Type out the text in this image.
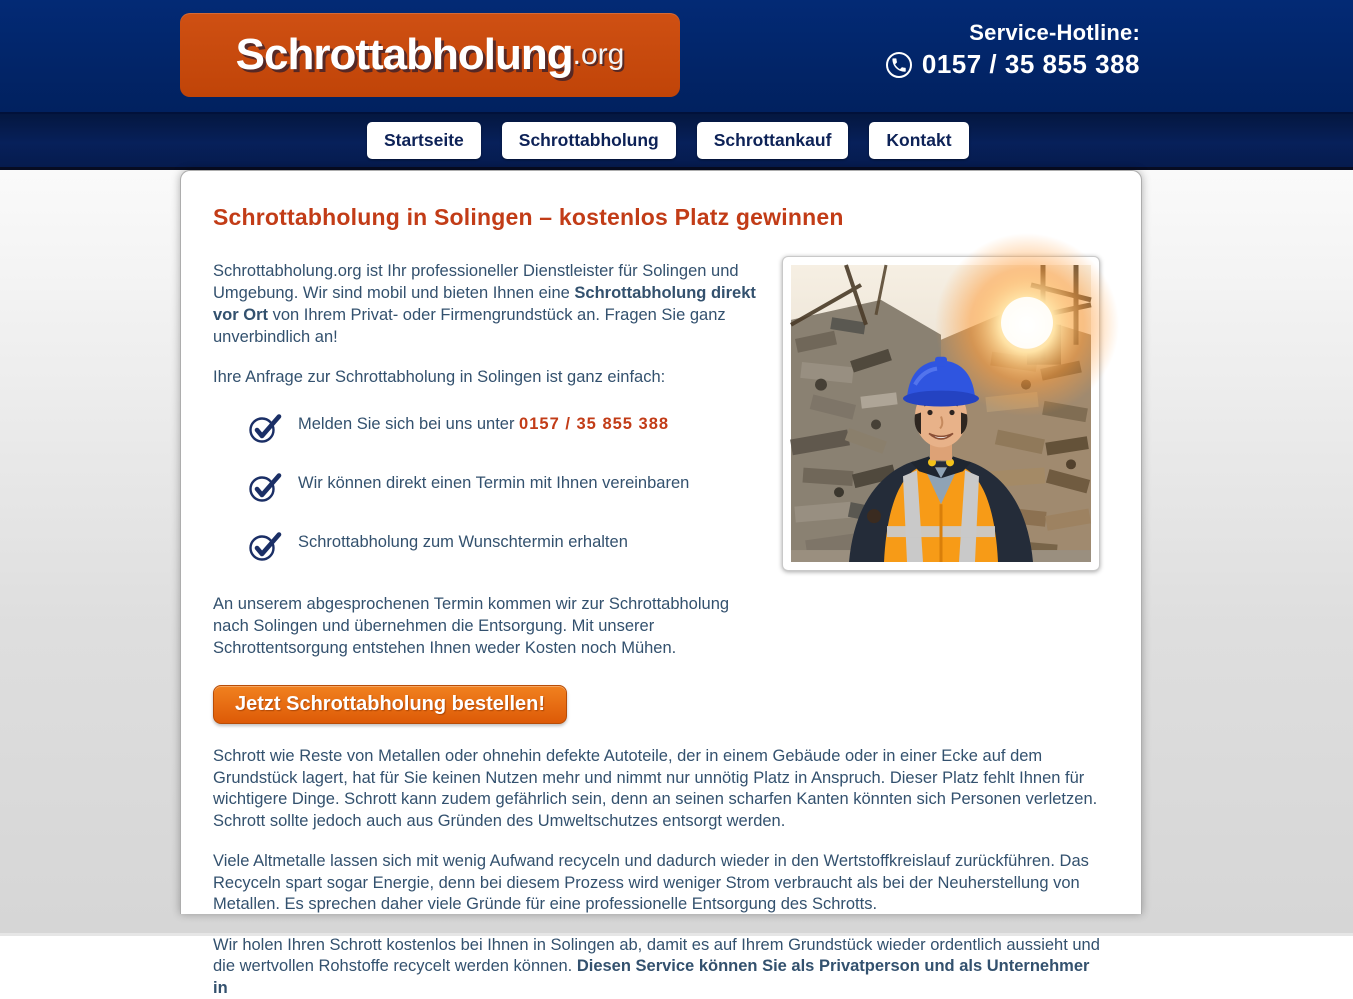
Schrottabholung .org
Service-Hotline:
0157 / 35 855 388
Startseite	Schrottabholung	Schrottankauf	Kontakt
Schrottabholung in Solingen – kostenlos Platz gewinnen

Schrottabholung.org ist Ihr professioneller Dienstleister für Solingen und Umgebung. Wir sind mobil und bieten Ihnen eine Schrottabholung direkt vor Ort von Ihrem Privat- oder Firmengrundstück an. Fragen Sie ganz unverbindlich an!

Ihre Anfrage zur Schrottabholung in Solingen ist ganz einfach:

Melden Sie sich bei uns unter 0157 / 35 855 388
Wir können direkt einen Termin mit Ihnen vereinbaren
Schrottabholung zum Wunschtermin erhalten

An unserem abgesprochenen Termin kommen wir zur Schrottabholung nach Solingen und übernehmen die Entsorgung. Mit unserer Schrottentsorgung entstehen Ihnen weder Kosten noch Mühen.

Jetzt Schrottabholung bestellen!

Schrott wie Reste von Metallen oder ohnehin defekte Autoteile, der in einem Gebäude oder in einer Ecke auf dem Grundstück lagert, hat für Sie keinen Nutzen mehr und nimmt nur unnötig Platz in Anspruch. Dieser Platz fehlt Ihnen für wichtigere Dinge. Schrott kann zudem gefährlich sein, denn an seinen scharfen Kanten könnten sich Personen verletzen. Schrott sollte jedoch auch aus Gründen des Umweltschutzes entsorgt werden.

Viele Altmetalle lassen sich mit wenig Aufwand recyceln und dadurch wieder in den Wertstoffkreislauf zurückführen. Das Recyceln spart sogar Energie, denn bei diesem Prozess wird weniger Strom verbraucht als bei der Neuherstellung von Metallen. Es sprechen daher viele Gründe für eine professionelle Entsorgung des Schrotts.

Wir holen Ihren Schrott kostenlos bei Ihnen in Solingen ab, damit es auf Ihrem Grundstück wieder ordentlich aussieht und die wertvollen Rohstoffe recycelt werden können. Diesen Service können Sie als Privatperson und als Unternehmer in
